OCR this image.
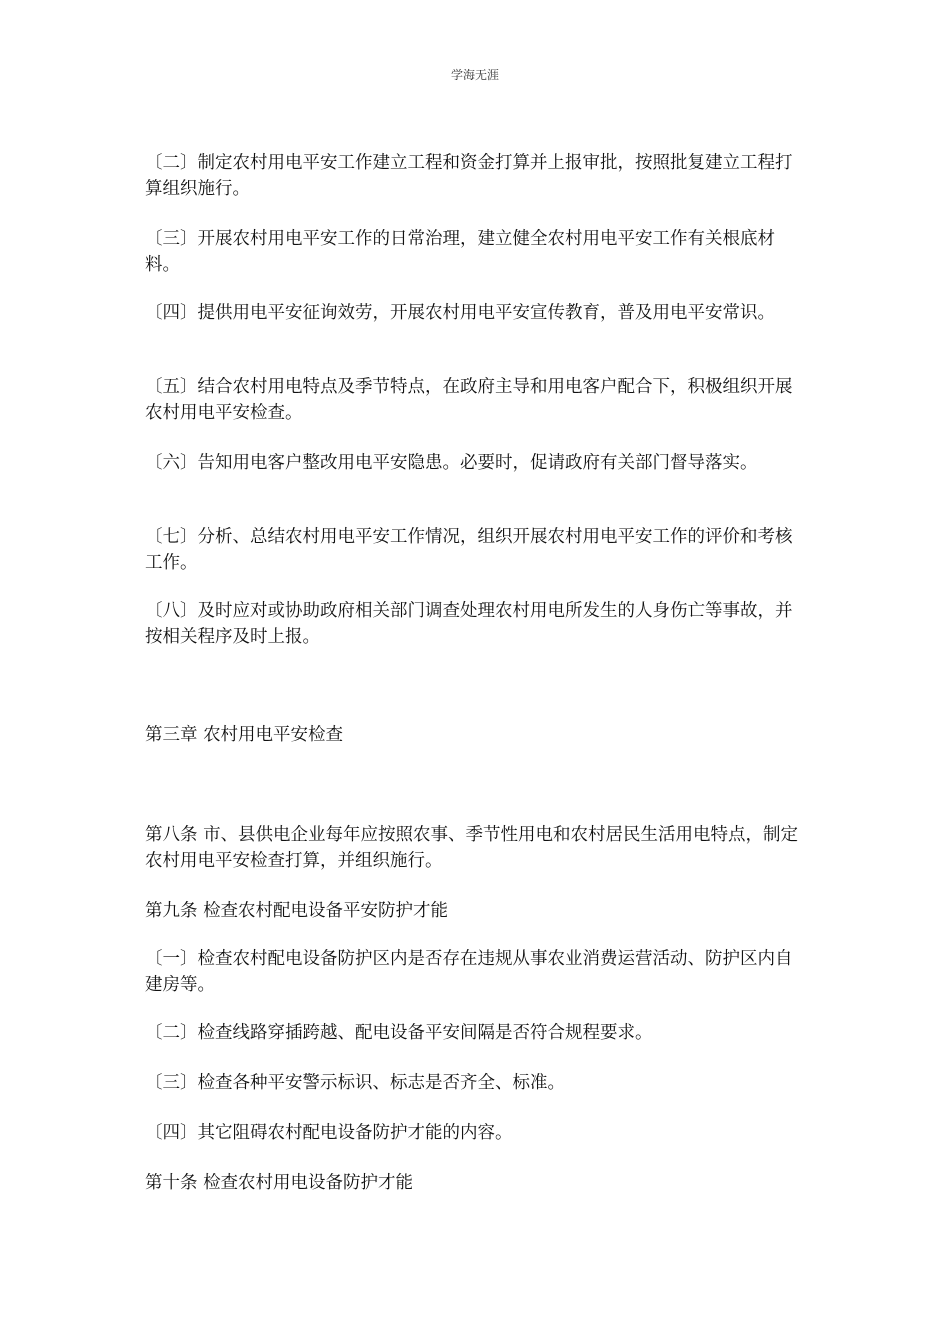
学海无涯

〔二〕制定农村用电平安工作建立工程和资金打算并上报审批，按照批复建立工程打算组织施行。

〔三〕开展农村用电平安工作的日常治理，建立健全农村用电平安工作有关根底材料。

〔四〕提供用电平安征询效劳，开展农村用电平安宣传教育，普及用电平安常识。

〔五〕结合农村用电特点及季节特点，在政府主导和用电客户配合下，积极组织开展农村用电平安检查。

〔六〕告知用电客户整改用电平安隐患。必要时，促请政府有关部门督导落实。

〔七〕分析、总结农村用电平安工作情况，组织开展农村用电平安工作的评价和考核工作。

〔八〕及时应对或协助政府相关部门调查处理农村用电所发生的人身伤亡等事故，并按相关程序及时上报。

第三章 农村用电平安检查

第八条 市、县供电企业每年应按照农事、季节性用电和农村居民生活用电特点，制定农村用电平安检查打算，并组织施行。

第九条 检查农村配电设备平安防护才能

〔一〕检查农村配电设备防护区内是否存在违规从事农业消费运营活动、防护区内自建房等。

〔二〕检查线路穿插跨越、配电设备平安间隔是否符合规程要求。

〔三〕检查各种平安警示标识、标志是否齐全、标准。

〔四〕其它阻碍农村配电设备防护才能的内容。

第十条 检查农村用电设备防护才能
